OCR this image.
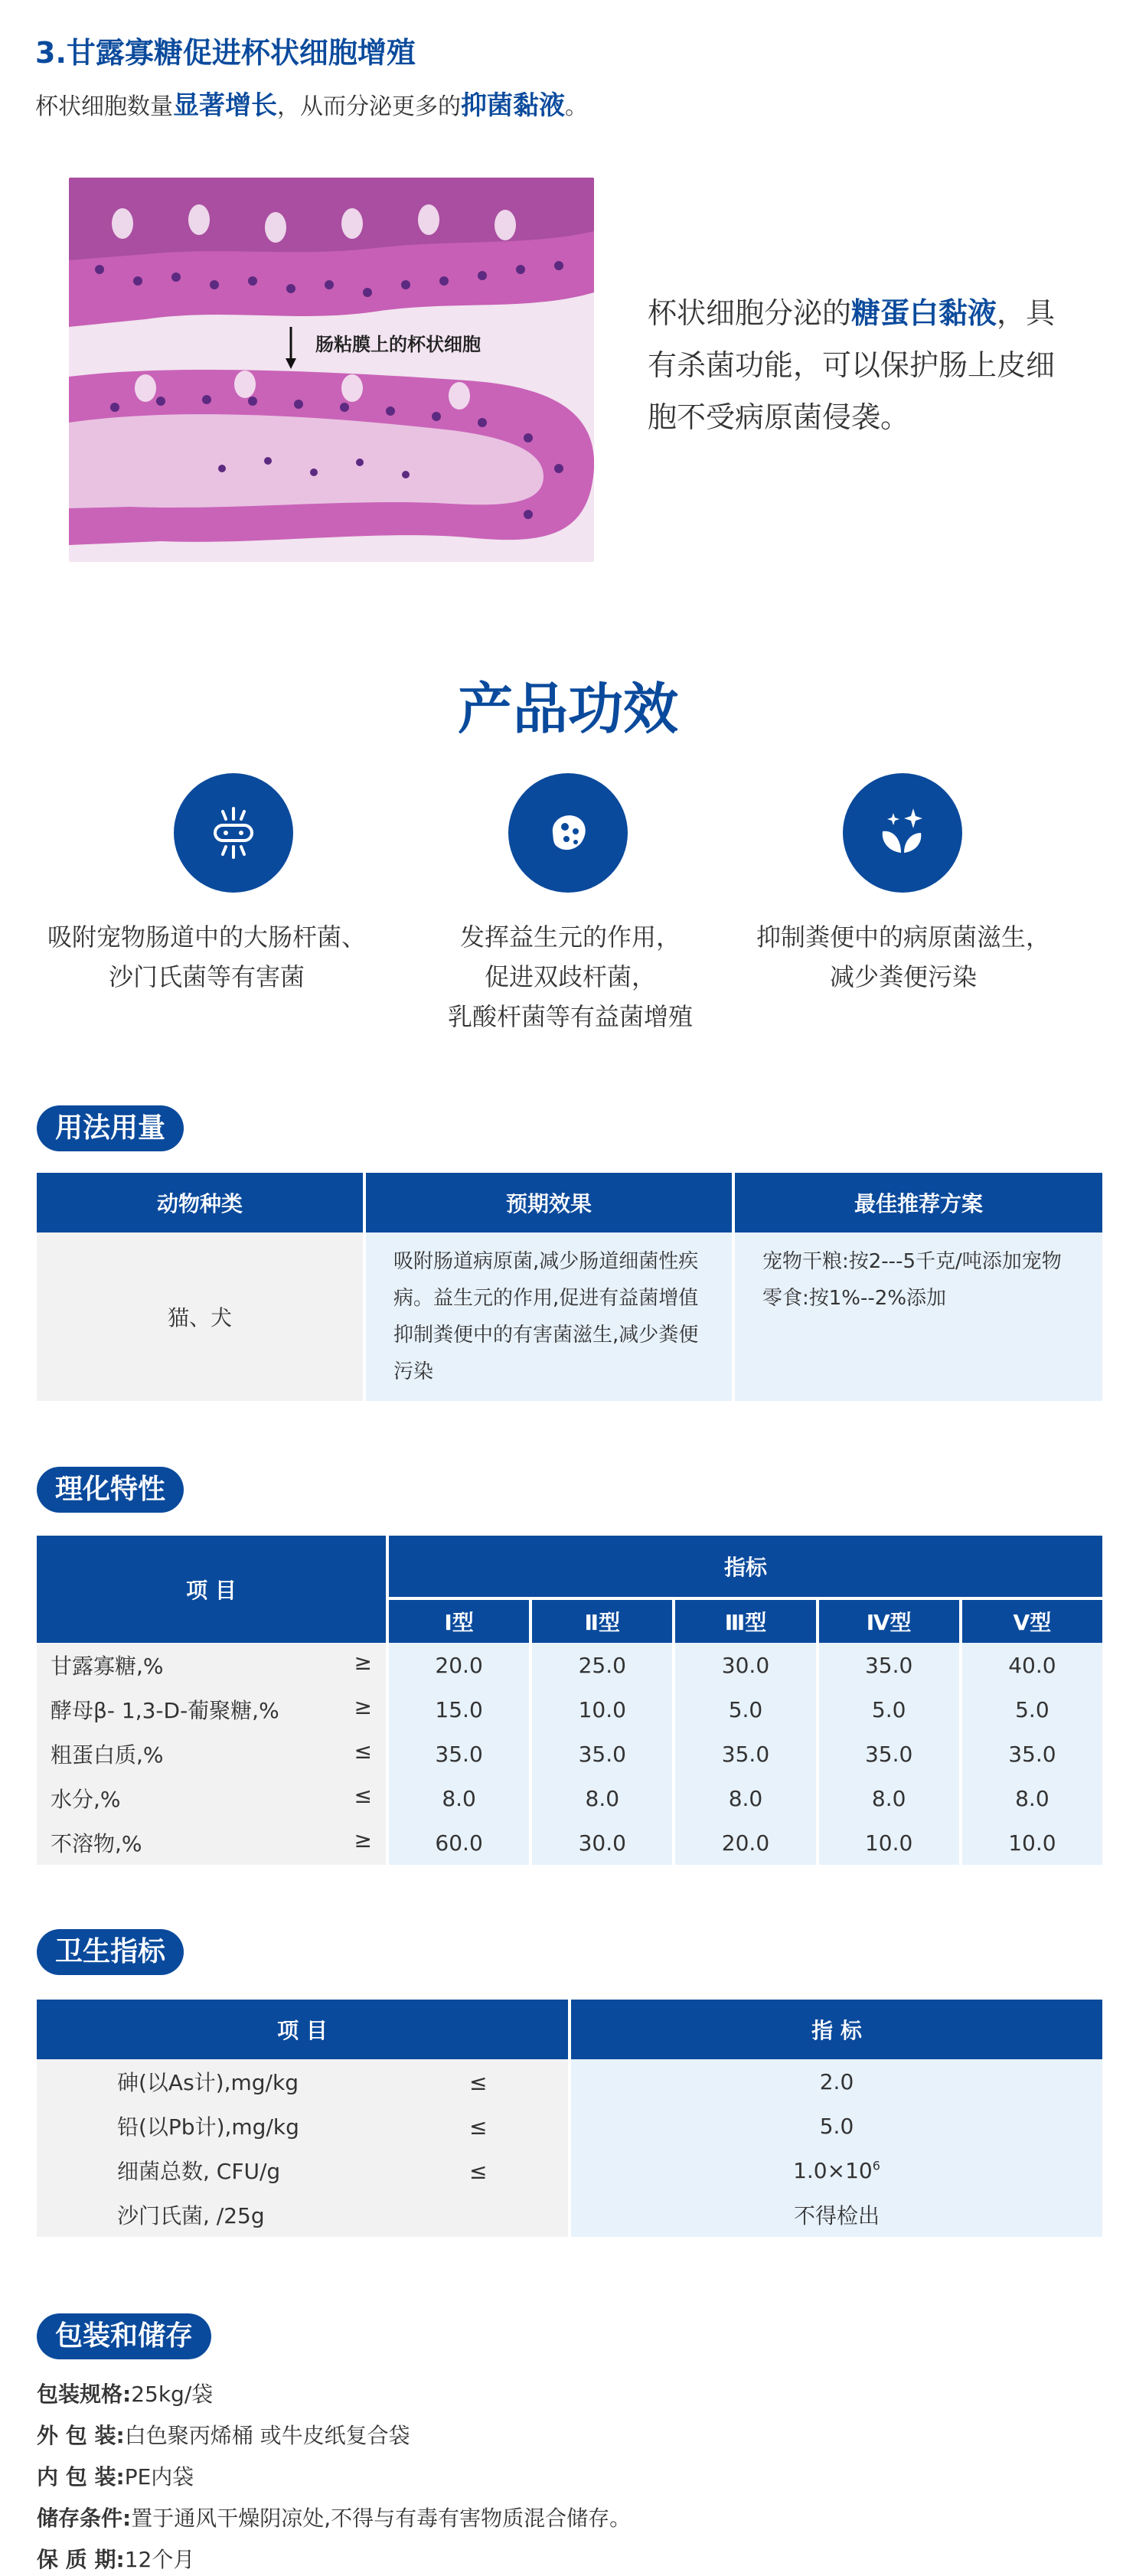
3.甘露寡糖促进杯状细胞增殖
杯状细胞数量显著增长，从而分泌更多的抑菌黏液。
肠粘膜上的杯状细胞
杯状细胞分泌的糖蛋白黏液，具有杀菌功能，可以保护肠上皮细胞不受病原菌侵袭。
产品功效
吸附宠物肠道中的大肠杆菌、
沙门氏菌等有害菌
发挥益生元的作用，
促进双歧杆菌，
乳酸杆菌等有益菌增殖
抑制粪便中的病原菌滋生，
减少粪便污染
用法用量
动物种类	预期效果	最佳推荐方案
猫、犬	吸附肠道病原菌,减少肠道细菌性疾病。益生元的作用,促进有益菌增值抑制粪便中的有害菌滋生,减少粪便污染	宠物干粮:按2---5千克/吨添加宠物零食:按1%--2%添加
理化特性
项 目	指标				
	Ⅰ型	Ⅱ型	Ⅲ型	Ⅳ型	Ⅴ型

甘露寡糖,% ≥	20.0	25.0	30.0	35.0	40.0

酵母β- 1,3-D-葡聚糖,% ≥	15.0	10.0	5.0	5.0	5.0

粗蛋白质,% ≤	35.0	35.0	35.0	35.0	35.0

水分,% ≤	8.0	8.0	8.0	8.0	8.0

不溶物,% ≥	60.0	30.0	20.0	10.0	10.0
卫生指标
项 目	指 标
砷(以As计),mg/kg ≤	2.0
铅(以Pb计),mg/kg ≤	5.0
细菌总数, CFU/g ≤	$1.0\times 10^6$
沙门氏菌, /25g	不得检出
包装和储存
包装规格:25kg/袋
外 包 装:白色聚丙烯桶 或牛皮纸复合袋
内 包 装:PE内袋
储存条件:置于通风干燥阴凉处,不得与有毒有害物质混合储存。
保 质 期:12个月
